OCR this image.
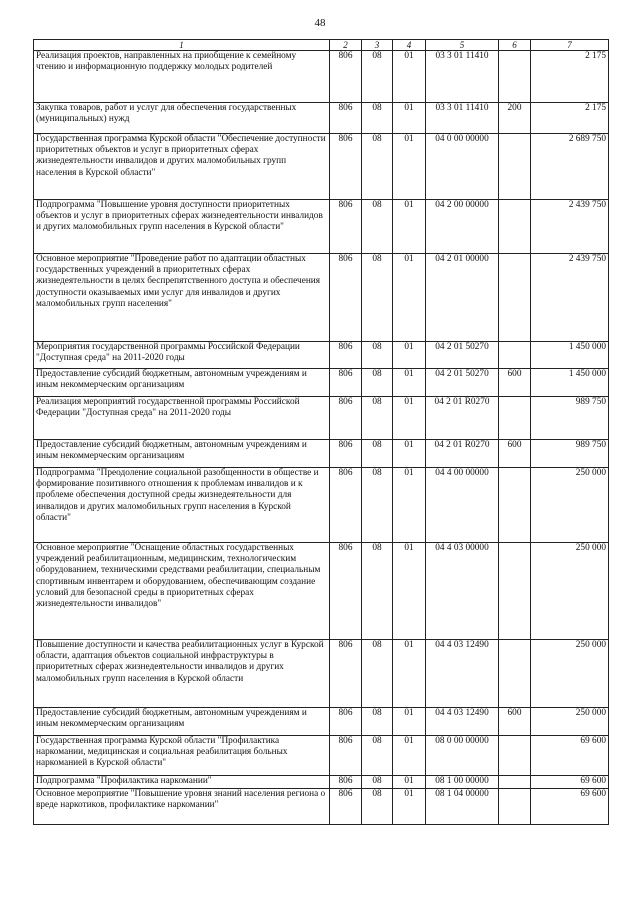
48
1	2	3	4	5	6	7
Реализация проектов, направленных на приобщение к семейному чтению и информационную поддержку молодых родителей	806	08	01	03 3 01 11410		2 175
Закупка товаров, работ и услуг для обеспечения государственных (муниципальных) нужд	806	08	01	03 3 01 11410	200	2 175
Государственная программа Курской области "Обеспечение доступности приоритетных объектов и услуг в приоритетных сферах жизнедеятельности инвалидов и других маломобильных групп населения в Курской области"	806	08	01	04 0 00 00000		2 689 750
Подпрограмма "Повышение уровня доступности приоритетных объектов и услуг в приоритетных сферах жизнедеятельности инвалидов и других маломобильных групп населения в Курской области"	806	08	01	04 2 00 00000		2 439 750
Основное мероприятие "Проведение работ по адаптации областных государственных учреждений в приоритетных сферах жизнедеятельности в целях беспрепятственного доступа и обеспечения доступности оказываемых ими услуг для инвалидов и других маломобильных групп населения"	806	08	01	04 2 01 00000		2 439 750
Мероприятия государственной программы Российской Федерации "Доступная среда" на 2011-2020 годы	806	08	01	04 2 01 50270		1 450 000
Предоставление субсидий бюджетным, автономным учреждениям и иным некоммерческим организациям	806	08	01	04 2 01 50270	600	1 450 000
Реализация мероприятий государственной программы Российской Федерации "Доступная среда" на 2011-2020 годы	806	08	01	04 2 01 R0270		989 750
Предоставление субсидий бюджетным, автономным учреждениям и иным некоммерческим организациям	806	08	01	04 2 01 R0270	600	989 750
Подпрограмма "Преодоление социальной разобщенности в обществе и формирование позитивного отношения к проблемам инвалидов и к проблеме обеспечения доступной среды жизнедеятельности для инвалидов и других маломобильных групп населения в Курской области"	806	08	01	04 4 00 00000		250 000
Основное мероприятие "Оснащение областных государственных учреждений реабилитационным, медицинским, технологическим оборудованием, техническими средствами реабилитации, специальным спортивным инвентарем и оборудованием, обеспечивающим создание условий для безопасной среды в приоритетных сферах жизнедеятельности инвалидов"	806	08	01	04 4 03 00000		250 000
Повышение доступности и качества реабилитационных услуг в Курской области, адаптация объектов социальной инфраструктуры в приоритетных сферах жизнедеятельности инвалидов и других маломобильных групп населения в Курской области	806	08	01	04 4 03 12490		250 000
Предоставление субсидий бюджетным, автономным учреждениям и иным некоммерческим организациям	806	08	01	04 4 03 12490	600	250 000
Государственная программа Курской области "Профилактика наркомании, медицинская и социальная реабилитация больных наркоманией в Курской области"	806	08	01	08 0 00 00000		69 600
Подпрограмма "Профилактика наркомании"	806	08	01	08 1 00 00000		69 600
Основное мероприятие "Повышение уровня знаний населения региона о вреде наркотиков, профилактике наркомании"	806	08	01	08 1 04 00000		69 600
